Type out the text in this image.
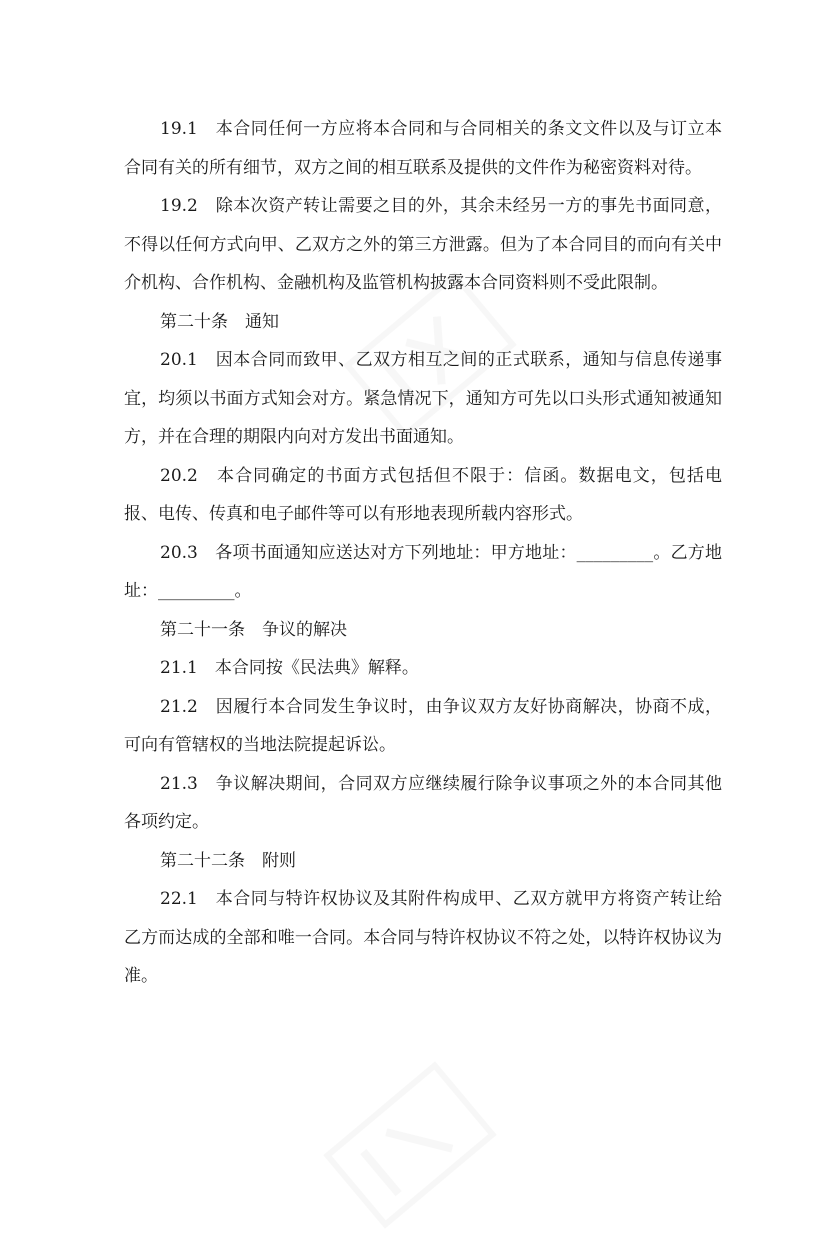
19.1　本合同任何一方应将本合同和与合同相关的条文文件以及与订立本合同有关的所有细节，双方之间的相互联系及提供的文件作为秘密资料对待。

19.2　除本次资产转让需要之目的外，其余未经另一方的事先书面同意，不得以任何方式向甲、乙双方之外的第三方泄露。但为了本合同目的而向有关中介机构、合作机构、金融机构及监管机构披露本合同资料则不受此限制。

第二十条　通知

20.1　因本合同而致甲、乙双方相互之间的正式联系，通知与信息传递事宜，均须以书面方式知会对方。紧急情况下，通知方可先以口头形式通知被通知方，并在合理的期限内向对方发出书面通知。

20.2　本合同确定的书面方式包括但不限于：信函。数据电文，包括电报、电传、传真和电子邮件等可以有形地表现所载内容形式。

20.3　各项书面通知应送达对方下列地址：甲方地址：_________。乙方地址：_________。

第二十一条　争议的解决

21.1　本合同按《民法典》解释。

21.2　因履行本合同发生争议时，由争议双方友好协商解决，协商不成，可向有管辖权的当地法院提起诉讼。

21.3　争议解决期间，合同双方应继续履行除争议事项之外的本合同其他各项约定。

第二十二条　附则

22.1　本合同与特许权协议及其附件构成甲、乙双方就甲方将资产转让给乙方而达成的全部和唯一合同。本合同与特许权协议不符之处，以特许权协议为准。
